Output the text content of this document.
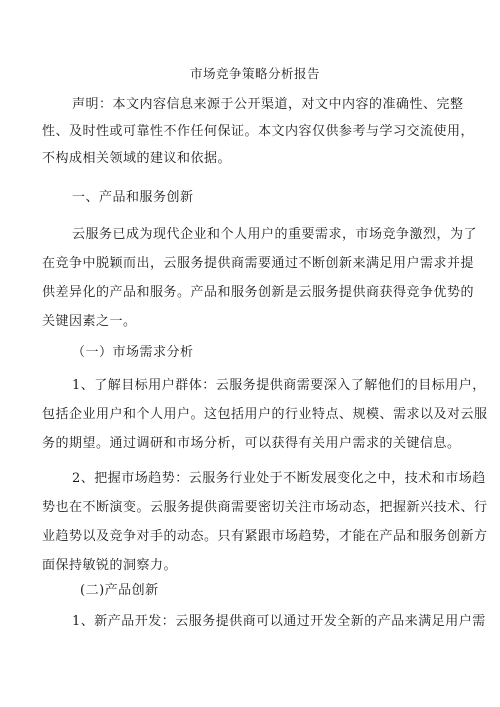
市场竞争策略分析报告
声明：本文内容信息来源于公开渠道，对文中内容的准确性、完整
性、及时性或可靠性不作任何保证。本文内容仅供参考与学习交流使用，
不构成相关领域的建议和依据。
一、产品和服务创新
云服务已成为现代企业和个人用户的重要需求，市场竞争激烈，为了
在竞争中脱颖而出，云服务提供商需要通过不断创新来满足用户需求并提
供差异化的产品和服务。产品和服务创新是云服务提供商获得竞争优势的
关键因素之一。
（一）市场需求分析
1、了解目标用户群体：云服务提供商需要深入了解他们的目标用户，
包括企业用户和个人用户。这包括用户的行业特点、规模、需求以及对云服
务的期望。通过调研和市场分析，可以获得有关用户需求的关键信息。
2、把握市场趋势：云服务行业处于不断发展变化之中，技术和市场趋
势也在不断演变。云服务提供商需要密切关注市场动态，把握新兴技术、行
业趋势以及竞争对手的动态。只有紧跟市场趋势，才能在产品和服务创新方
面保持敏锐的洞察力。
(二)产品创新
1、新产品开发：云服务提供商可以通过开发全新的产品来满足用户需
